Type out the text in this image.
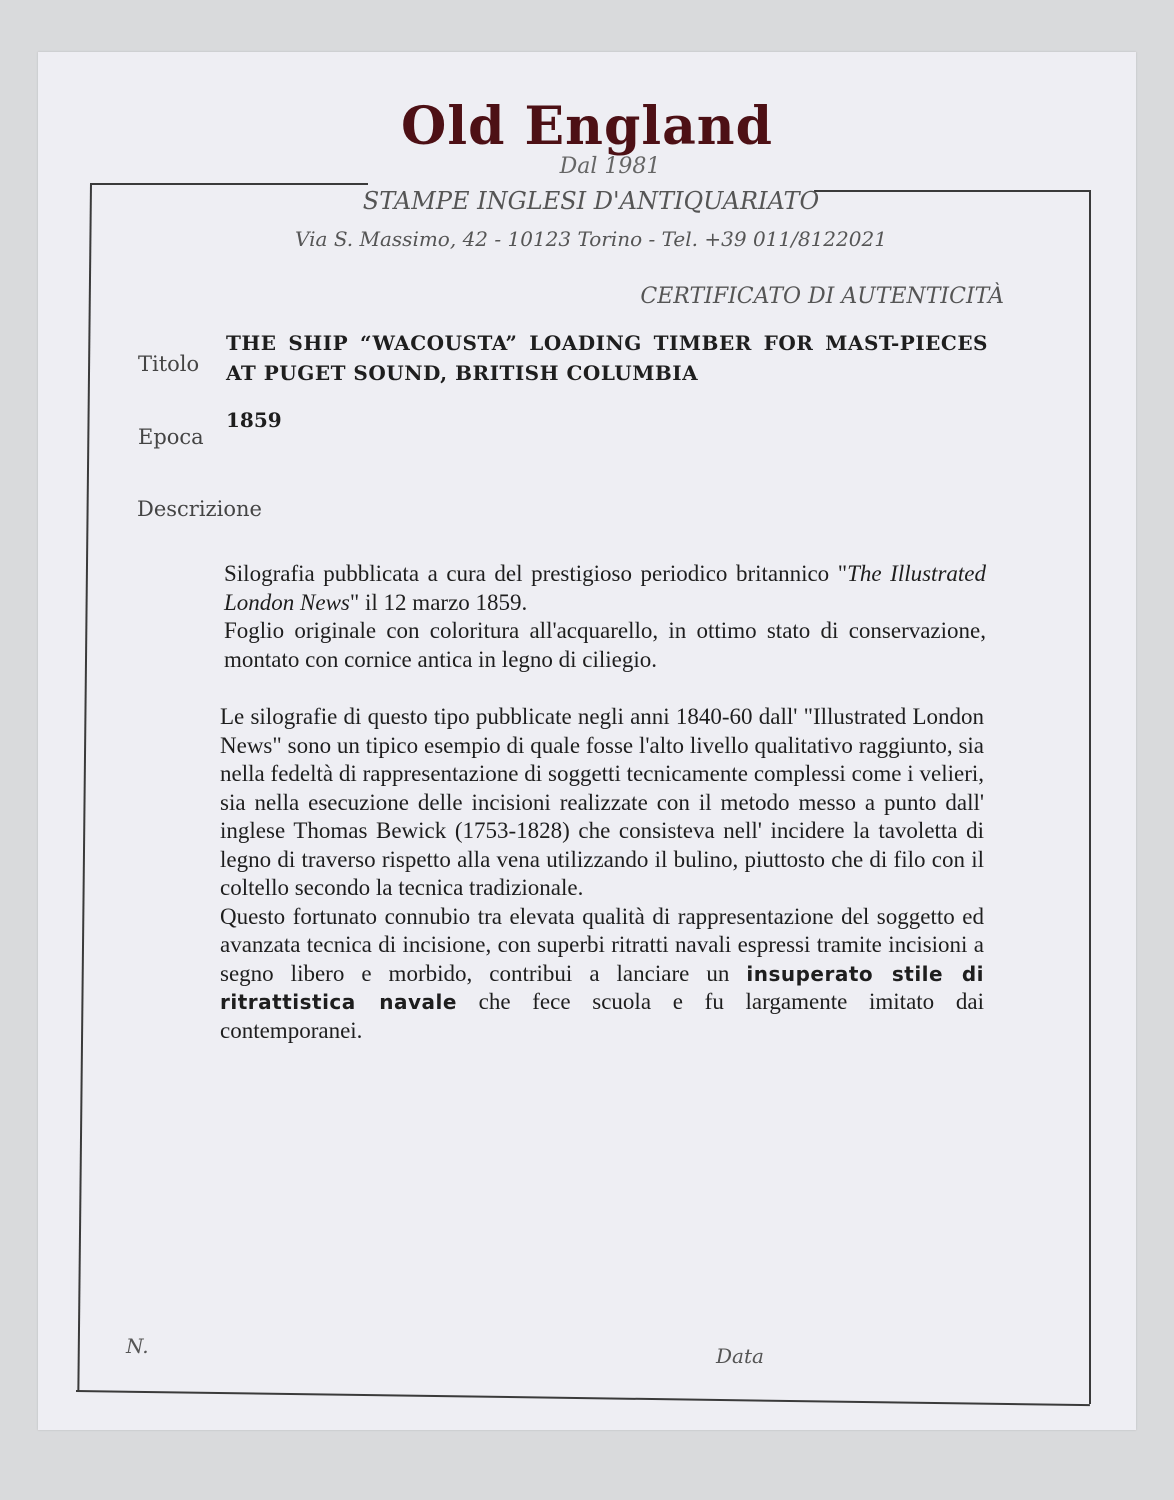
Old England
Dal 1981
STAMPE INGLESI D'ANTIQUARIATO
Via S. Massimo, 42 - 10123 Torino - Tel. +39 011/8122021
CERTIFICATO DI AUTENTICITÀ
Titolo
THE SHIP “WACOUSTA” LOADING TIMBER FOR MAST-PIECES AT PUGET SOUND, BRITISH COLUMBIA
Epoca
1859
Descrizione

Silografia pubblicata a cura del prestigioso periodico britannico "The Illustrated London News" il 12 marzo 1859.

Foglio originale con coloritura all'acquarello, in ottimo stato di conservazione, montato con cornice antica in legno di ciliegio.

Le silografie di questo tipo pubblicate negli anni 1840-60 dall' "Illustrated London News" sono un tipico esempio di quale fosse l'alto livello qualitativo raggiunto, sia nella fedeltà di rappresentazione di soggetti tecnicamente complessi come i velieri, sia nella esecuzione delle incisioni realizzate con il metodo messo a punto dall' inglese Thomas Bewick (1753-1828) che consisteva nell' incidere la tavoletta di legno di traverso rispetto alla vena utilizzando il bulino, piuttosto che di filo con il coltello secondo la tecnica tradizionale.

Questo fortunato connubio tra elevata qualità di rappresentazione del soggetto ed avanzata tecnica di incisione, con superbi ritratti navali espressi tramite incisioni a segno libero e morbido, contribui a lanciare un insuperato stile di ritrattistica navale che fece scuola e fu largamente imitato dai contemporanei.

N.	Data
